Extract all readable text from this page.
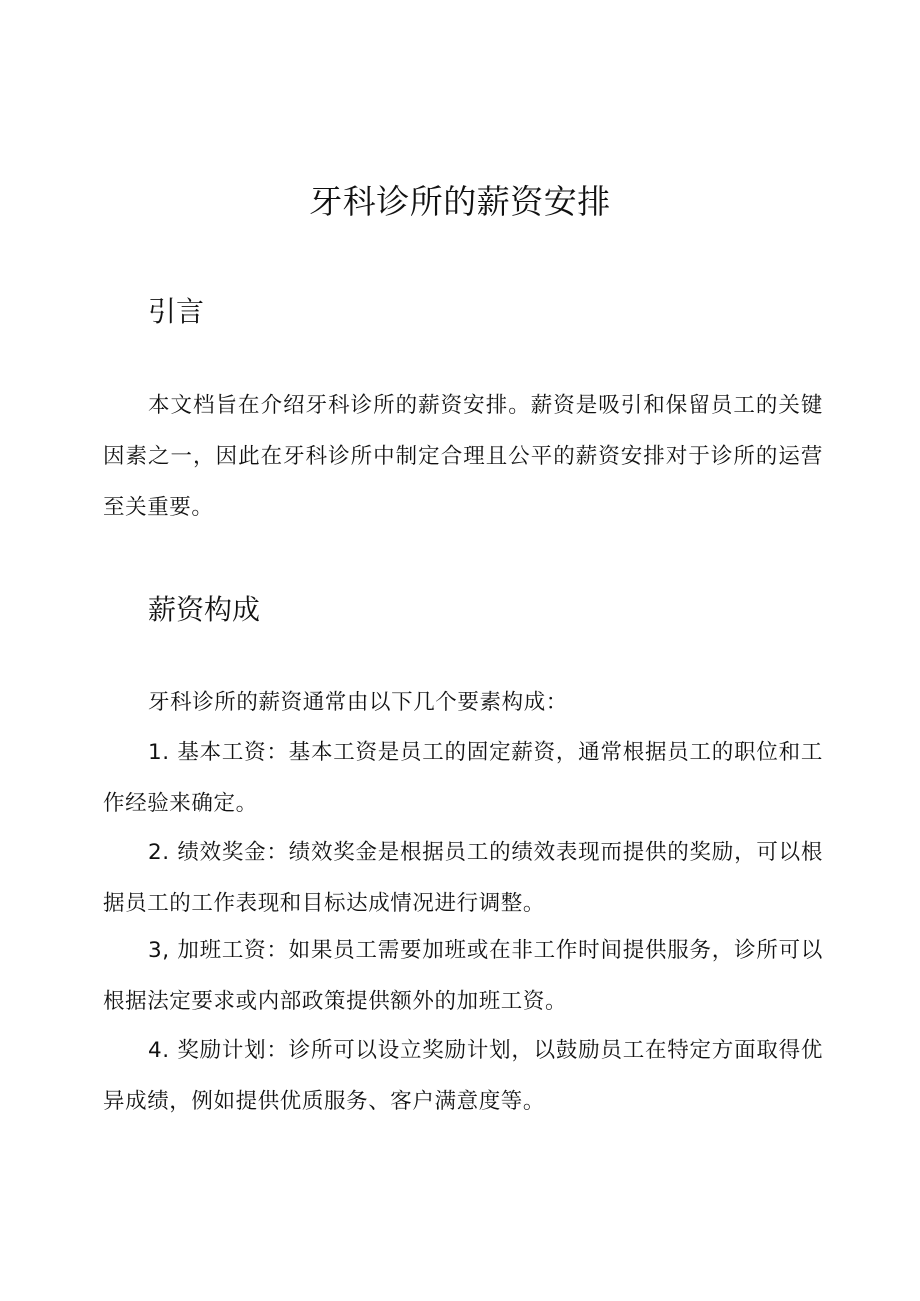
牙科诊所的薪资安排
引言

本文档旨在介绍牙科诊所的薪资安排。薪资是吸引和保留员工的关键因素之一，因此在牙科诊所中制定合理且公平的薪资安排对于诊所的运营至关重要。

薪资构成

牙科诊所的薪资通常由以下几个要素构成：

1. 基本工资：基本工资是员工的固定薪资，通常根据员工的职位和工作经验来确定。

2. 绩效奖金：绩效奖金是根据员工的绩效表现而提供的奖励，可以根据员工的工作表现和目标达成情况进行调整。

3, 加班工资：如果员工需要加班或在非工作时间提供服务，诊所可以根据法定要求或内部政策提供额外的加班工资。

4. 奖励计划：诊所可以设立奖励计划，以鼓励员工在特定方面取得优异成绩，例如提供优质服务、客户满意度等。
